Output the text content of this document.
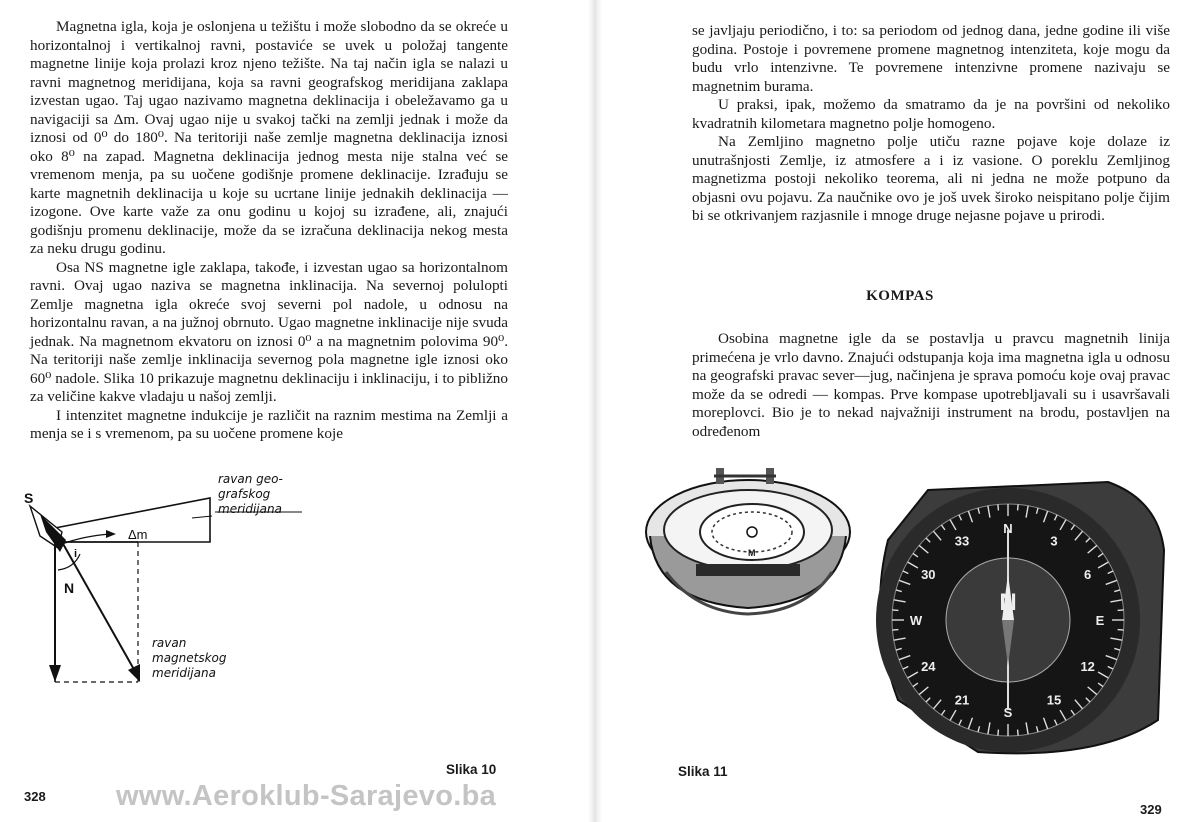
Magnetna igla, koja je oslonjena u težištu i može slobodno da se okreće u horizontalnoj i vertikalnoj ravni, postaviće se uvek u položaj tangente magnetne linije koja prolazi kroz njeno težište. Na taj način igla se nalazi u ravni magnetnog meridijana, koja sa ravni geografskog meridijana zaklapa izvestan ugao. Taj ugao nazivamo magnetna deklinacija i obeležavamo ga u navigaciji sa Δm. Ovaj ugao nije u svakoj tački na zemlji jednak i može da iznosi od 0⁰ do 180⁰. Na teritoriji naše zemlje magnetna deklinacija iznosi oko 8⁰ na zapad. Magnetna deklinacija jednog mesta nije stalna već se vremenom menja, pa su uočene godišnje promene deklinacije. Izrađuju se karte magnetnih deklinacija u koje su ucrtane linije jednakih deklinacija — izogone. Ove karte važe za onu godinu u kojoj su izrađene, ali, znajući godišnju promenu deklinacije, može da se izračuna deklinacija nekog mesta za neku drugu godinu.

Osa NS magnetne igle zaklapa, takođe, i izvestan ugao sa horizontalnom ravni. Ovaj ugao naziva se magnetna inklinacija. Na severnoj polulopti Zemlje magnetna igla okreće svoj severni pol nadole, u odnosu na horizontalnu ravan, a na južnoj obrnuto. Ugao magnetne inklinacije nije svuda jednak. Na magnetnom ekvatoru on iznosi 0⁰ a na magnetnim polovima 90⁰. Na teritoriji naše zemlje inklinacija severnog pola magnetne igle iznosi oko 60⁰ nadole. Slika 10 prikazuje magnetnu deklinaciju i inklinaciju, i to pibližno za veličine kakve vladaju u našoj zemlji.

I intenzitet magnetne indukcije je različit na raznim mestima na Zemlji a menja se i s vremenom, pa su uočene promene koje

S
N
Δm
i
ravan geo-
grafskog
meridijana
ravan
magnetskog
meridijana
Slika 10
328 www.Aeroklub-Sarajevo.ba

se javljaju periodično, i to: sa periodom od jednog dana, jedne godine ili više godina. Postoje i povremene promene magnetnog intenziteta, koje mogu da budu vrlo intenzivne. Te povremene intenzivne promene nazivaju se magnetnim burama.

U praksi, ipak, možemo da smatramo da je na površini od nekoliko kvadratnih kilometara magnetno polje homogeno.

Na Zemljino magnetno polje utiču razne pojave koje dolaze iz unutrašnjosti Zemlje, iz atmosfere a i iz vasione. O poreklu Zemljinog magnetizma postoji nekoliko teorema, ali ni jedna ne može potpuno da objasni ovu pojavu. Za naučnike ovo je još uvek široko neispitano polje čijim bi se otkrivanjem razjasnile i mnoge druge nejasne pojave u prirodi.

KOMPAS

Osobina magnetne igle da se postavlja u pravcu magnetnih linija primećena je vrlo davno. Znajući odstupanja koja ima magnetna igla u odnosu na geografski pravac sever—jug, načinjena je sprava pomoću koje ovaj pravac može da se odredi — kompas. Prve kompase upotrebljavali su i usavršavali moreplovci. Bio je to nekad najvažniji instrument na brodu, postavljen na određenom

M
N
3
6
E
12
15
S
21
24
W
30
33
N
Slika 11
329
